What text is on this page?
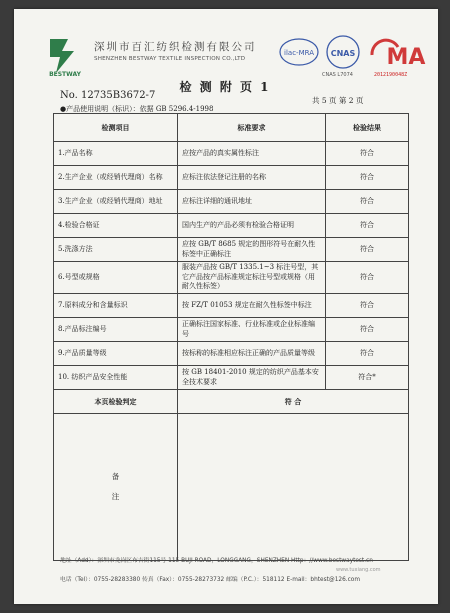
BESTWAY
深圳市百汇纺织检测有限公司
SHENZHEN BESTWAY TEXTILE INSPECTION CO.,LTD
ilac-MRA CNAS
CNAS L7074
MA
2012190048Z
检 测 附 页 1
No. 12735B3672-7	共 5 页 第 2 页
●产品使用说明（标识）：依据 GB 5296.4-1998
检测项目	标准要求	检验结果
1.产品名称	应按产品的真实属性标注	符合
2.生产企业（或经销代理商）名称	应标注依法登记注册的名称	符合
3.生产企业（或经销代理商）地址	应标注详细的通讯地址	符合
4.检验合格证	国内生产的产品必须有检验合格证明	符合
5.洗涤方法	应按 GB/T 8685 规定的图形符号在耐久性标签中正确标注	符合
6.号型或规格	服装产品按 GB/T 1335.1~3 标注号型，其它产品按产品标准规定标注号型或规格（用耐久性标签）	符合
7.原料成分和含量标识	按 FZ/T 01053 规定在耐久性标签中标注	符合
8.产品标注编号	正确标注国家标准、行业标准或企业标准编号	符合
9.产品质量等级	按标称的标准相应标注正确的产品质量等级	符合
10. 纺织产品安全性能	按 GB 18401-2010 规定的纺织产品基本安全技术要求	符合*
本页检验判定	符 合	

备
注		

地址（Add）：深圳市龙岗区布吉街115号 115 BUJI ROAD，LONGGANG，SHENZHEN Http：//www.bestwaytest.cn
电话（Tel）：0755-28283380 传真（Fax）：0755-28273732 邮编（P.C.）：518112 E-mail：bhtest@126.com
www.tuxiang.com
